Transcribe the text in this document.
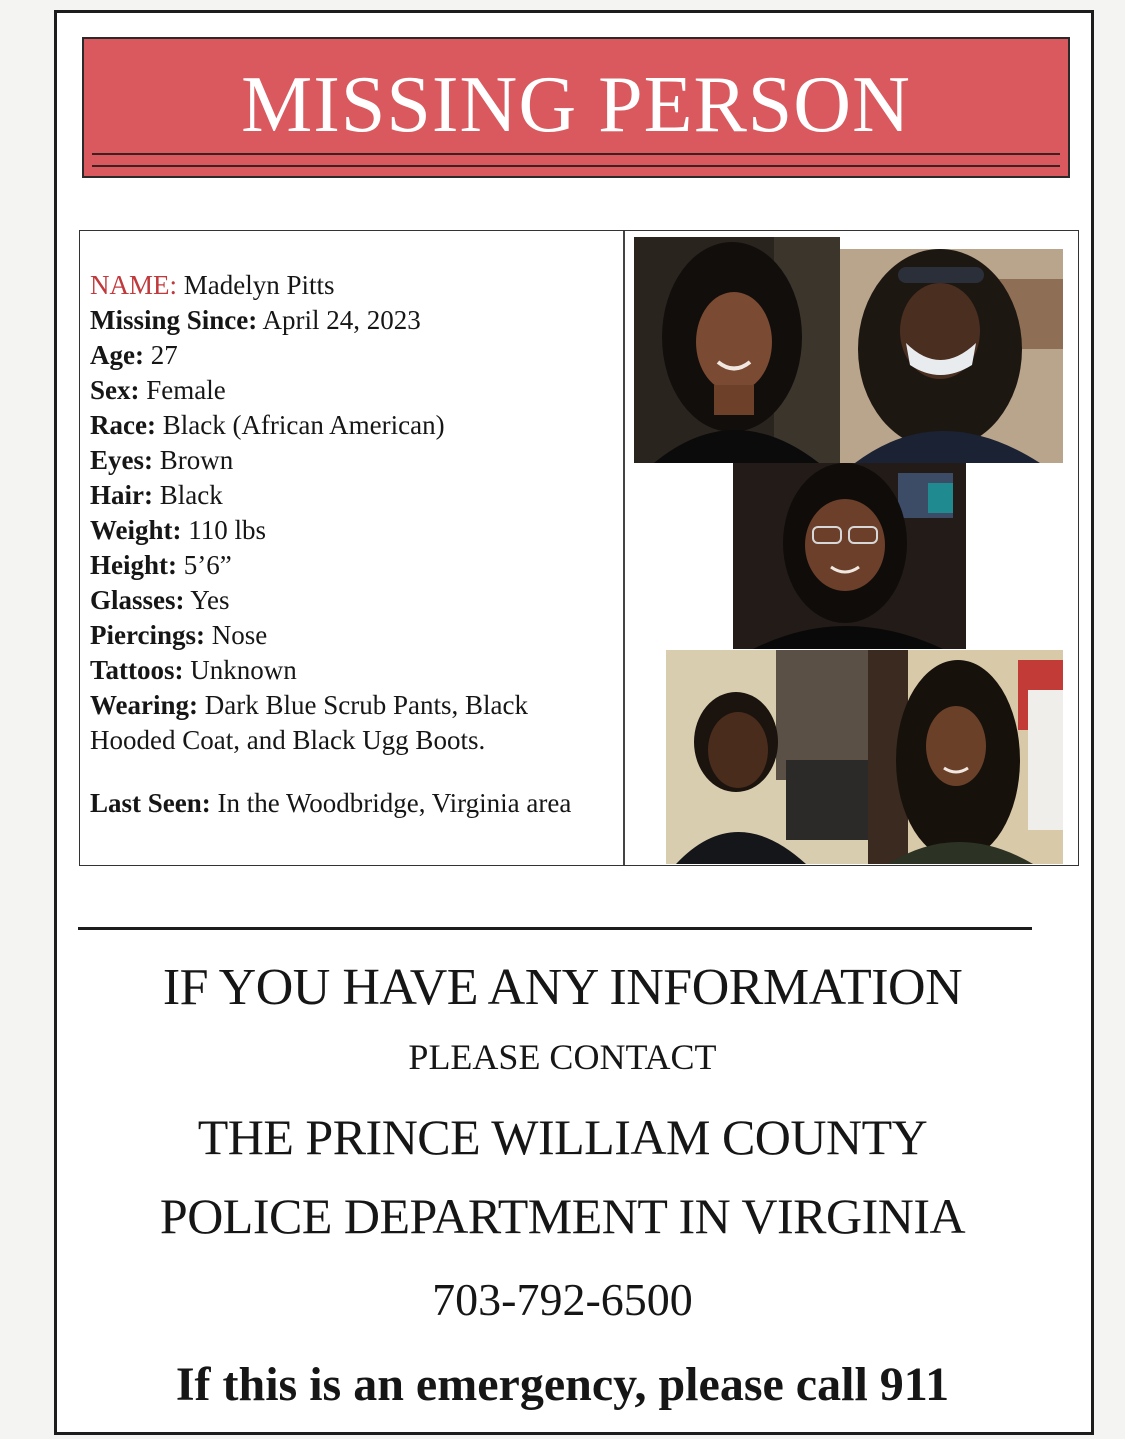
MISSING PERSON
NAME: Madelyn Pitts
Missing Since: April 24, 2023
Age: 27
Sex: Female
Race: Black (African American)
Eyes: Brown
Hair: Black
Weight: 110 lbs
Height: 5’6”
Glasses: Yes
Piercings: Nose
Tattoos: Unknown
Wearing: Dark Blue Scrub Pants, Black Hooded Coat, and Black Ugg Boots.
Last Seen: In the Woodbridge, Virginia area
IF YOU HAVE ANY INFORMATION
PLEASE CONTACT
THE PRINCE WILLIAM COUNTY
POLICE DEPARTMENT IN VIRGINIA
703-792-6500
If this is an emergency, please call 911
